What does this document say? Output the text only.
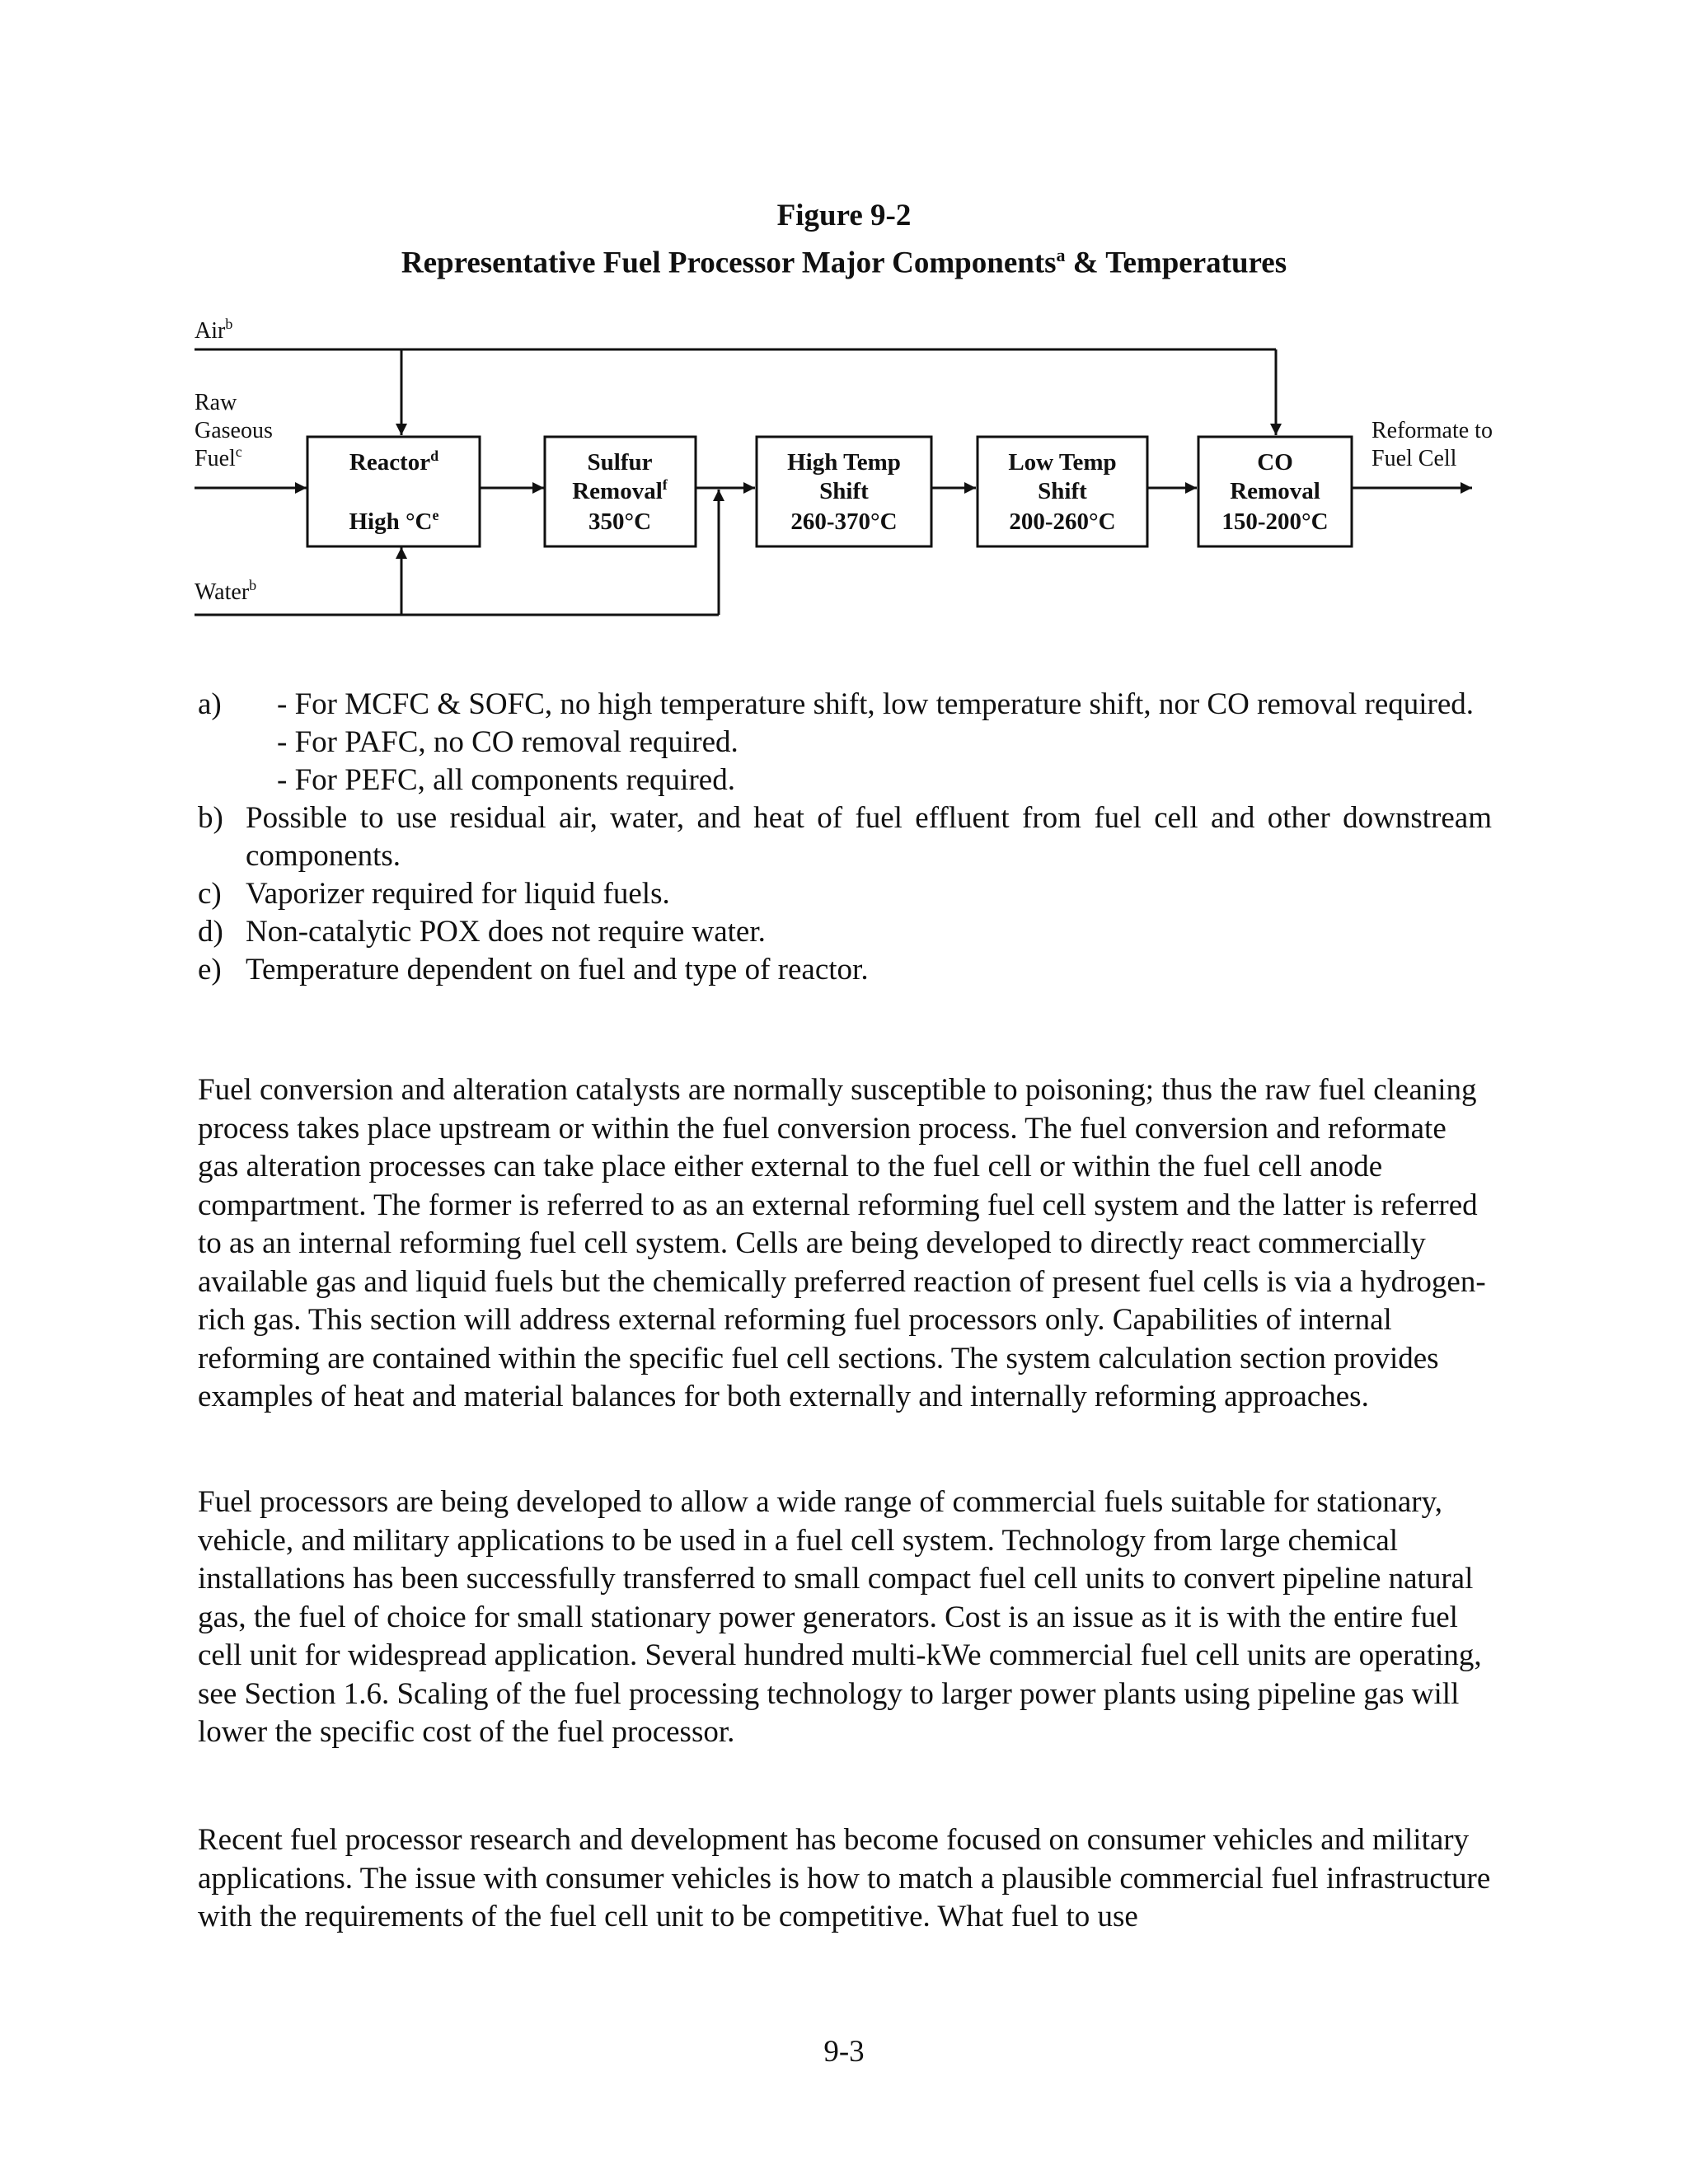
Figure 9-2
Representative Fuel Processor Major Components$^a$ & Temperatures
Air$^b$
Raw
Gaseous
Fuel$^c$
Water$^b$
Reformate to
Fuel Cell
Reactor$^d$
High °Ce
Sulfur
Removal$^f$
350°C
High Temp
Shift
260-370°C
Low Temp
Shift
200-260°C
CO
Removal
150-200°C
a)	- For MCFC & SOFC, no high temperature shift, low temperature shift, nor CO removal required.
- For PAFC, no CO removal required.
- For PEFC, all components required.
b) Possible to use residual air, water, and heat of fuel effluent from fuel cell and other downstream components.
c) Vaporizer required for liquid fuels.
d) Non-catalytic POX does not require water.
e) Temperature dependent on fuel and type of reactor.

Fuel conversion and alteration catalysts are normally susceptible to poisoning; thus the raw fuel cleaning process takes place upstream or within the fuel conversion process. The fuel conversion and reformate gas alteration processes can take place either external to the fuel cell or within the fuel cell anode compartment. The former is referred to as an external reforming fuel cell system and the latter is referred to as an internal reforming fuel cell system. Cells are being developed to directly react commercially available gas and liquid fuels but the chemically preferred reaction of present fuel cells is via a hydrogen-rich gas. This section will address external reforming fuel processors only. Capabilities of internal reforming are contained within the specific fuel cell sections. The system calculation section provides examples of heat and material balances for both externally and internally reforming approaches.

Fuel processors are being developed to allow a wide range of commercial fuels suitable for stationary, vehicle, and military applications to be used in a fuel cell system. Technology from large chemical installations has been successfully transferred to small compact fuel cell units to convert pipeline natural gas, the fuel of choice for small stationary power generators. Cost is an issue as it is with the entire fuel cell unit for widespread application. Several hundred multi-kWe commercial fuel cell units are operating, see Section 1.6. Scaling of the fuel processing technology to larger power plants using pipeline gas will lower the specific cost of the fuel processor.

Recent fuel processor research and development has become focused on consumer vehicles and military applications. The issue with consumer vehicles is how to match a plausible commercial fuel infrastructure with the requirements of the fuel cell unit to be competitive. What fuel to use

9-3
